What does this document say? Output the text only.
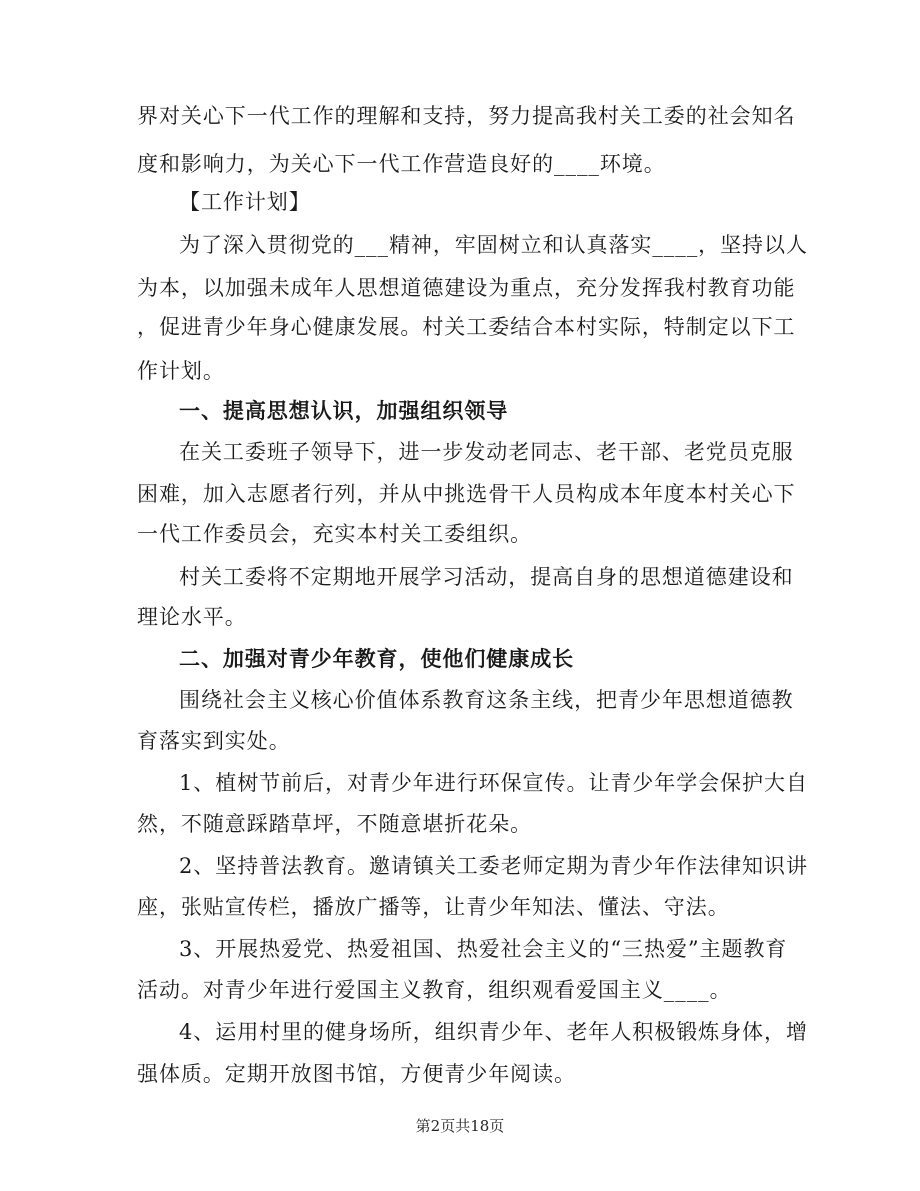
界对关心下一代工作的理解和支持，努力提高我村关工委的社会知名
度和影响力，为关心下一代工作营造良好的____环境。
【工作计划】
为了深入贯彻党的___精神，牢固树立和认真落实____，坚持以人
为本，以加强未成年人思想道德建设为重点，充分发挥我村教育功能
，促进青少年身心健康发展。村关工委结合本村实际，特制定以下工
作计划。
一、提高思想认识，加强组织领导
在关工委班子领导下，进一步发动老同志、老干部、老党员克服
困难，加入志愿者行列，并从中挑选骨干人员构成本年度本村关心下
一代工作委员会，充实本村关工委组织。
村关工委将不定期地开展学习活动，提高自身的思想道德建设和
理论水平。
二、加强对青少年教育，使他们健康成长
围绕社会主义核心价值体系教育这条主线，把青少年思想道德教
育落实到实处。
1、植树节前后，对青少年进行环保宣传。让青少年学会保护大自
然，不随意踩踏草坪，不随意堪折花朵。
2、坚持普法教育。邀请镇关工委老师定期为青少年作法律知识讲
座，张贴宣传栏，播放广播等，让青少年知法、懂法、守法。
3、开展热爱党、热爱祖国、热爱社会主义的“三热爱”主题教育
活动。对青少年进行爱国主义教育，组织观看爱国主义____。
4、运用村里的健身场所，组织青少年、老年人积极锻炼身体，增
强体质。定期开放图书馆，方便青少年阅读。
第2页共18页
